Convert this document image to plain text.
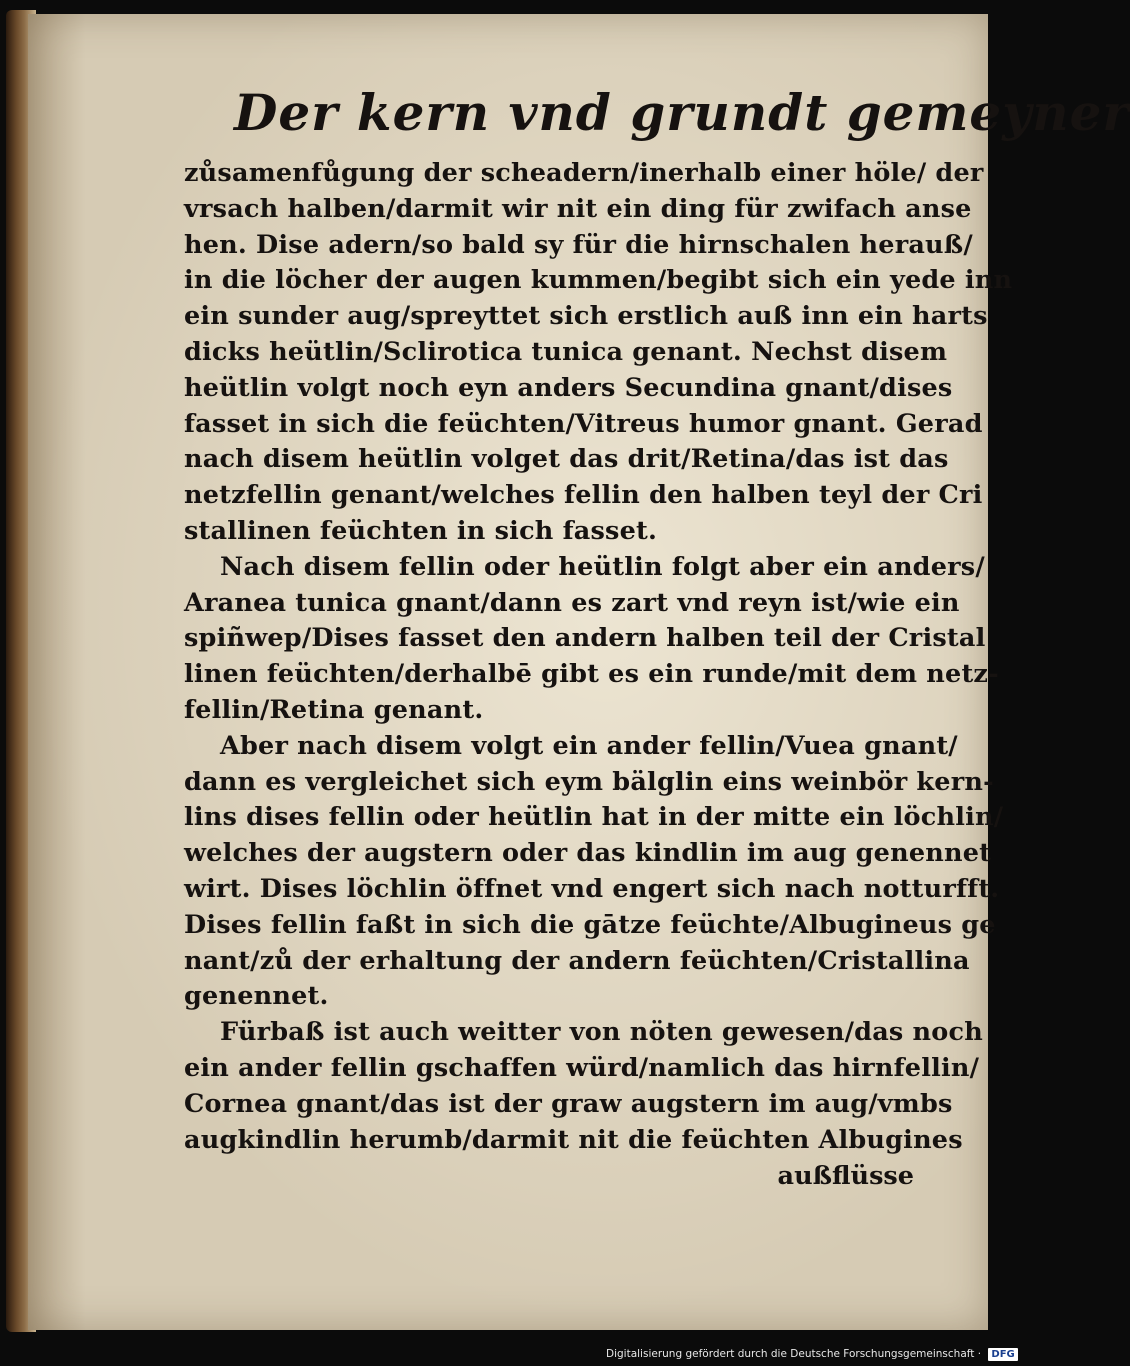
Der kern vnd grundt gemeyner
zůsamenfůgung der scheadern/inerhalb einer höle/ der
vrsach halben/darmit wir nit ein ding für zwifach anse
hen. Dise adern/so bald sy für die hirnschalen herauß/
in die löcher der augen kummen/begibt sich ein yede inn
ein sunder aug/spreyttet sich erstlich auß inn ein harts
dicks heütlin/Sclirotica tunica genant. Nechst disem
heütlin volgt noch eyn anders Secundina gnant/dises
fasset in sich die feüchten/Vitreus humor gnant. Gerad
nach disem heütlin volget das drit/Retina/das ist das
netzfellin genant/welches fellin den halben teyl der Cri
stallinen feüchten in sich fasset.
Nach disem fellin oder heütlin folgt aber ein anders/
Aranea tunica gnant/dann es zart vnd reyn ist/wie ein
spiñwep/Dises fasset den andern halben teil der Cristal
linen feüchten/derhalbē gibt es ein runde/mit dem netz-
fellin/Retina genant.
Aber nach disem volgt ein ander fellin/Vuea gnant/
dann es vergleichet sich eym bälglin eins weinbör kern-
lins dises fellin oder heütlin hat in der mitte ein löchlin/
welches der augstern oder das kindlin im aug genennet
wirt. Dises löchlin öffnet vnd engert sich nach notturfft.
Dises fellin faßt in sich die gātze feüchte/Albugineus ge
nant/zů der erhaltung der andern feüchten/Cristallina
genennet.
Fürbaß ist auch weitter von nöten gewesen/das noch
ein ander fellin gschaffen würd/namlich das hirnfellin/
Cornea gnant/das ist der graw augstern im aug/vmbs
augkindlin herumb/darmit nit die feüchten Albugines
außflüsse
Digitalisierung gefördert durch die Deutsche Forschungsgemeinschaft · DFG
